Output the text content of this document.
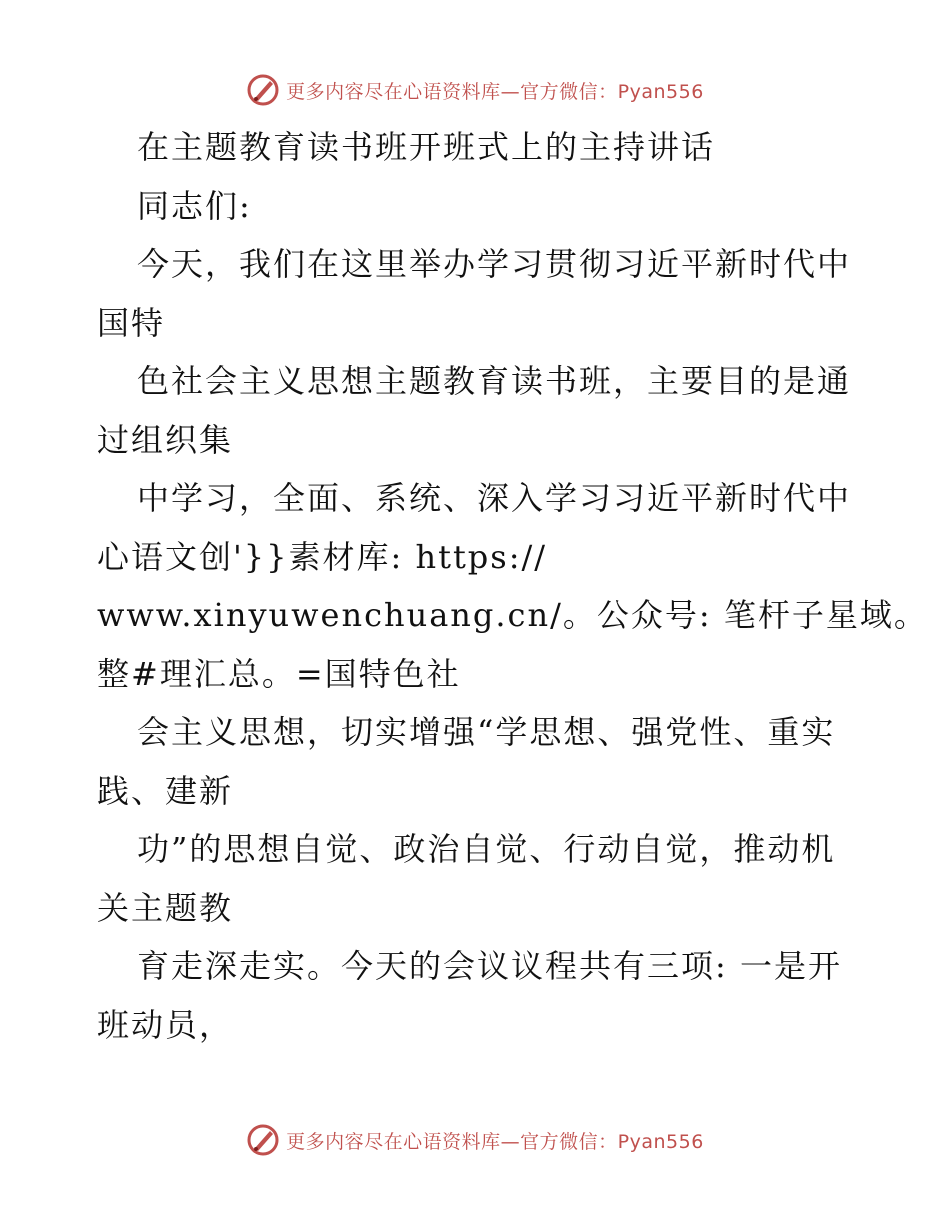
更多内容尽在心语资料库—官方微信：Pyan556
在主题教育读书班开班式上的主持讲话
同志们:
今天，我们在这里举办学习贯彻习近平新时代中
国特
色社会主义思想主题教育读书班，主要目的是通
过组织集
中学习，全面、系统、深入学习习近平新时代中
心语文创'}}素材库: https://
www.xinyuwenchuang.cn/。公众号: 笔杆子星域。
整#理汇总。=国特色社
会主义思想，切实增强“学思想、强党性、重实
践、建新
功”的思想自觉、政治自觉、行动自觉，推动机
关主题教
育走深走实。今天的会议议程共有三项: 一是开
班动员，
更多内容尽在心语资料库—官方微信：Pyan556
